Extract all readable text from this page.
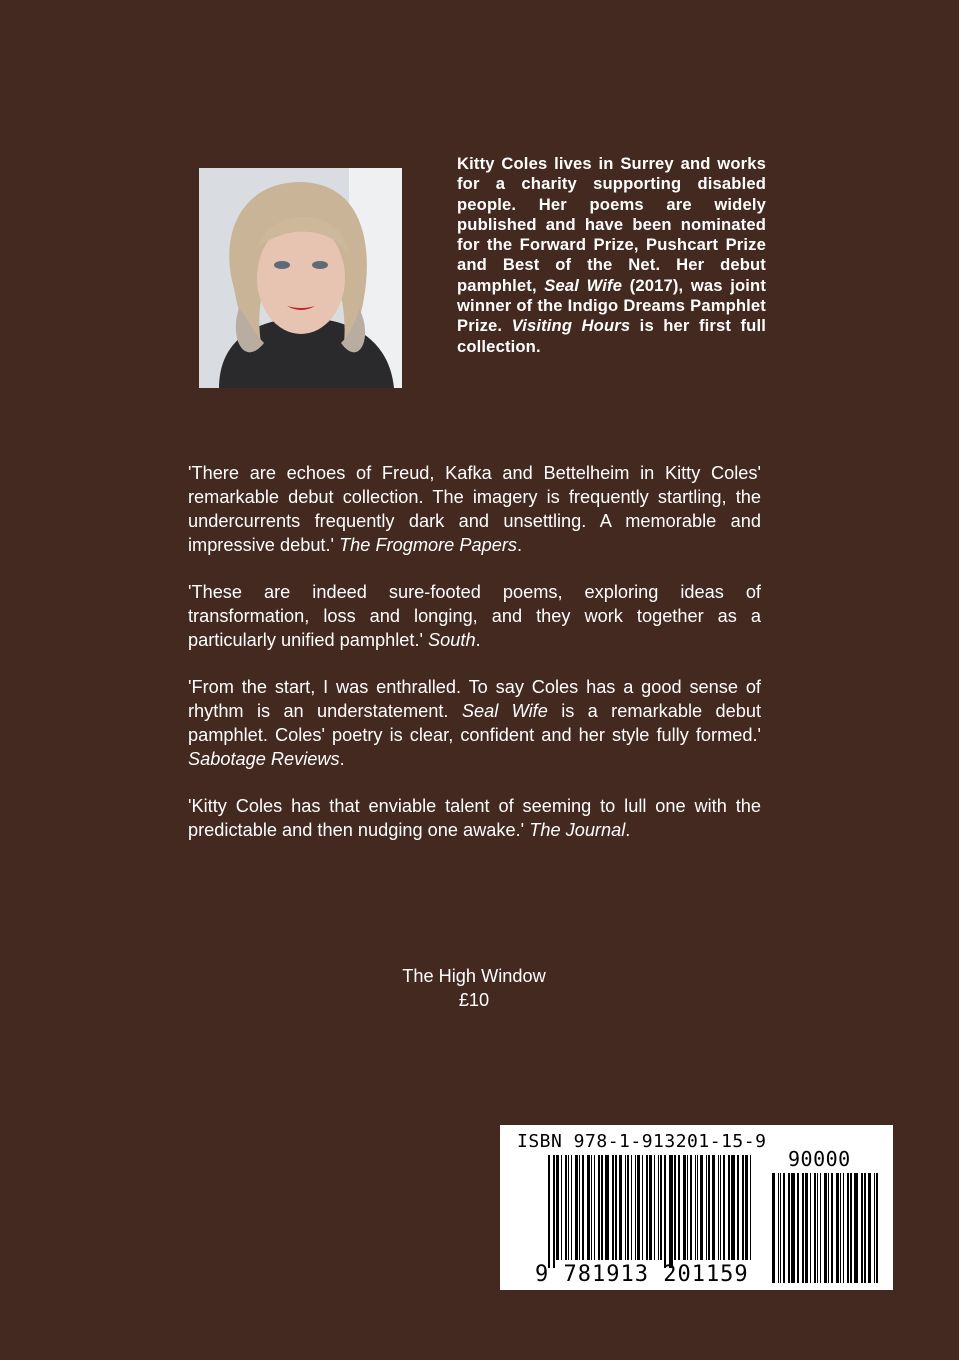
Kitty Coles lives in Surrey and works for a charity supporting disabled people. Her poems are widely published and have been nominated for the Forward Prize, Pushcart Prize and Best of the Net. Her debut pamphlet, Seal Wife (2017), was joint winner of the Indigo Dreams Pamphlet Prize. Visiting Hours is her first full collection.

'There are echoes of Freud, Kafka and Bettelheim in Kitty Coles' remarkable debut collection. The imagery is frequently startling, the undercurrents frequently dark and unsettling. A memorable and impressive debut.' The Frogmore Papers.

'These are indeed sure-footed poems, exploring ideas of transformation, loss and longing, and they work together as a particularly unified pamphlet.' South.

'From the start, I was enthralled. To say Coles has a good sense of rhythm is an understatement. Seal Wife is a remarkable debut pamphlet. Coles' poetry is clear, confident and her style fully formed.' Sabotage Reviews.

'Kitty Coles has that enviable talent of seeming to lull one with the predictable and then nudging one awake.' The Journal.

The High Window
£10
ISBN 978-1-913201-15-9
90000
9 781913 201159
